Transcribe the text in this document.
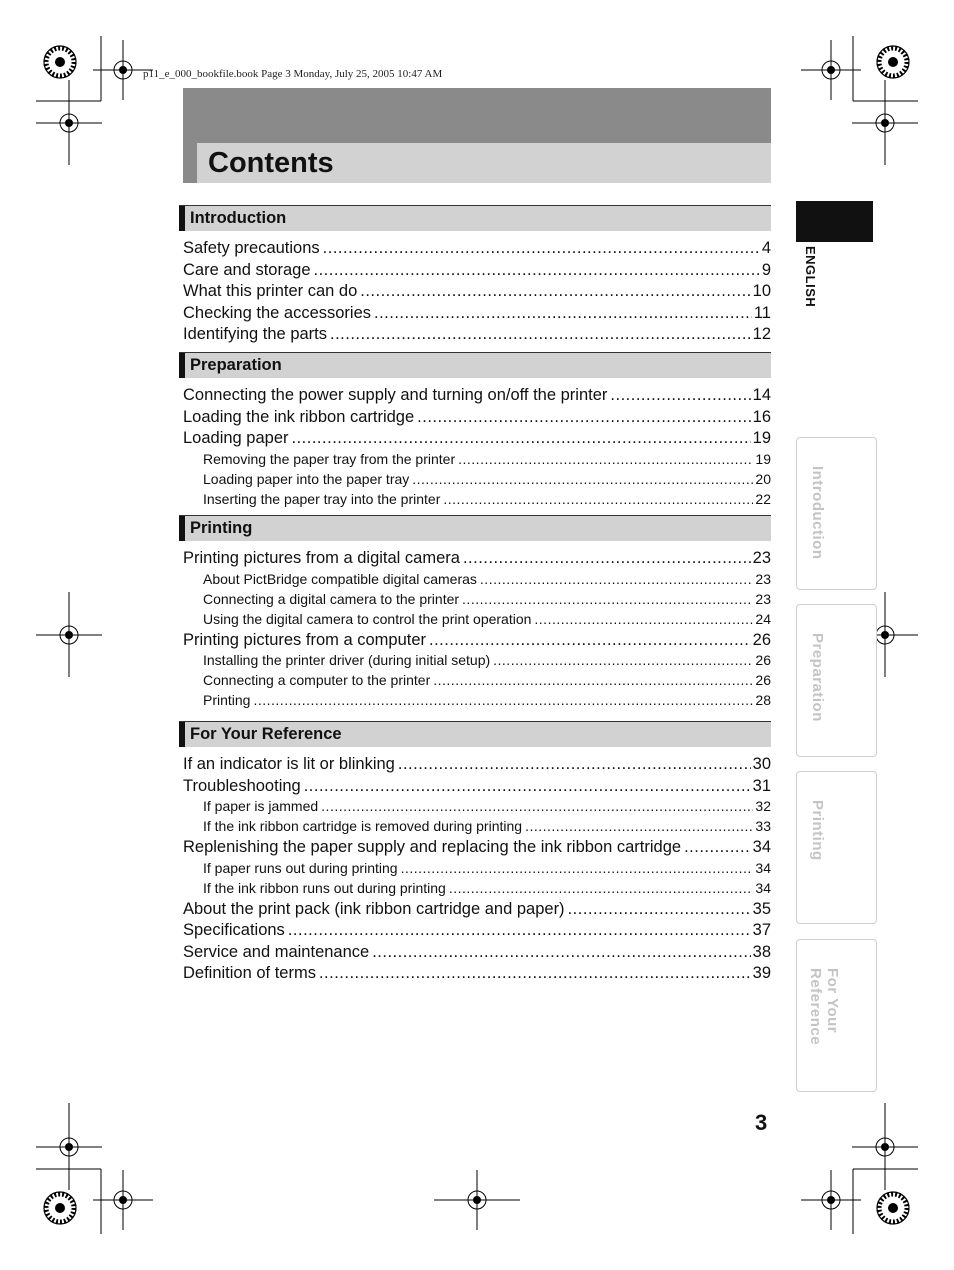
p11_e_000_bookfile.book Page 3 Monday, July 25, 2005 10:47 AM
Contents
Introduction
Safety precautions .....	4
Care and storage .....	9
What this printer can do .....	10
Checking the accessories .....	11
Identifying the parts .....	12
Preparation
Connecting the power supply and turning on/off the printer .....	14
Loading the ink ribbon cartridge .....	16
Loading paper .....	19
Removing the paper tray from the printer .....	19
Loading paper into the paper tray .....	20
Inserting the paper tray into the printer .....	22
Printing
Printing pictures from a digital camera .....	23
About PictBridge compatible digital cameras .....	23
Connecting a digital camera to the printer .....	23
Using the digital camera to control the print operation .....	24
Printing pictures from a computer .....	26
Installing the printer driver (during initial setup) .....	26
Connecting a computer to the printer .....	26
Printing .....	28
For Your Reference
If an indicator is lit or blinking .....	30
Troubleshooting .....	31
If paper is jammed .....	32
If the ink ribbon cartridge is removed during printing .....	33
Replenishing the paper supply and replacing the ink ribbon cartridge .....	34
If paper runs out during printing .....	34
If the ink ribbon runs out during printing .....	34
About the print pack (ink ribbon cartridge and paper) .....	35
Specifications .....	37
Service and maintenance .....	38
Definition of terms .....	39
ENGLISH
Introduction
Preparation
Printing
For Your
Reference
3
